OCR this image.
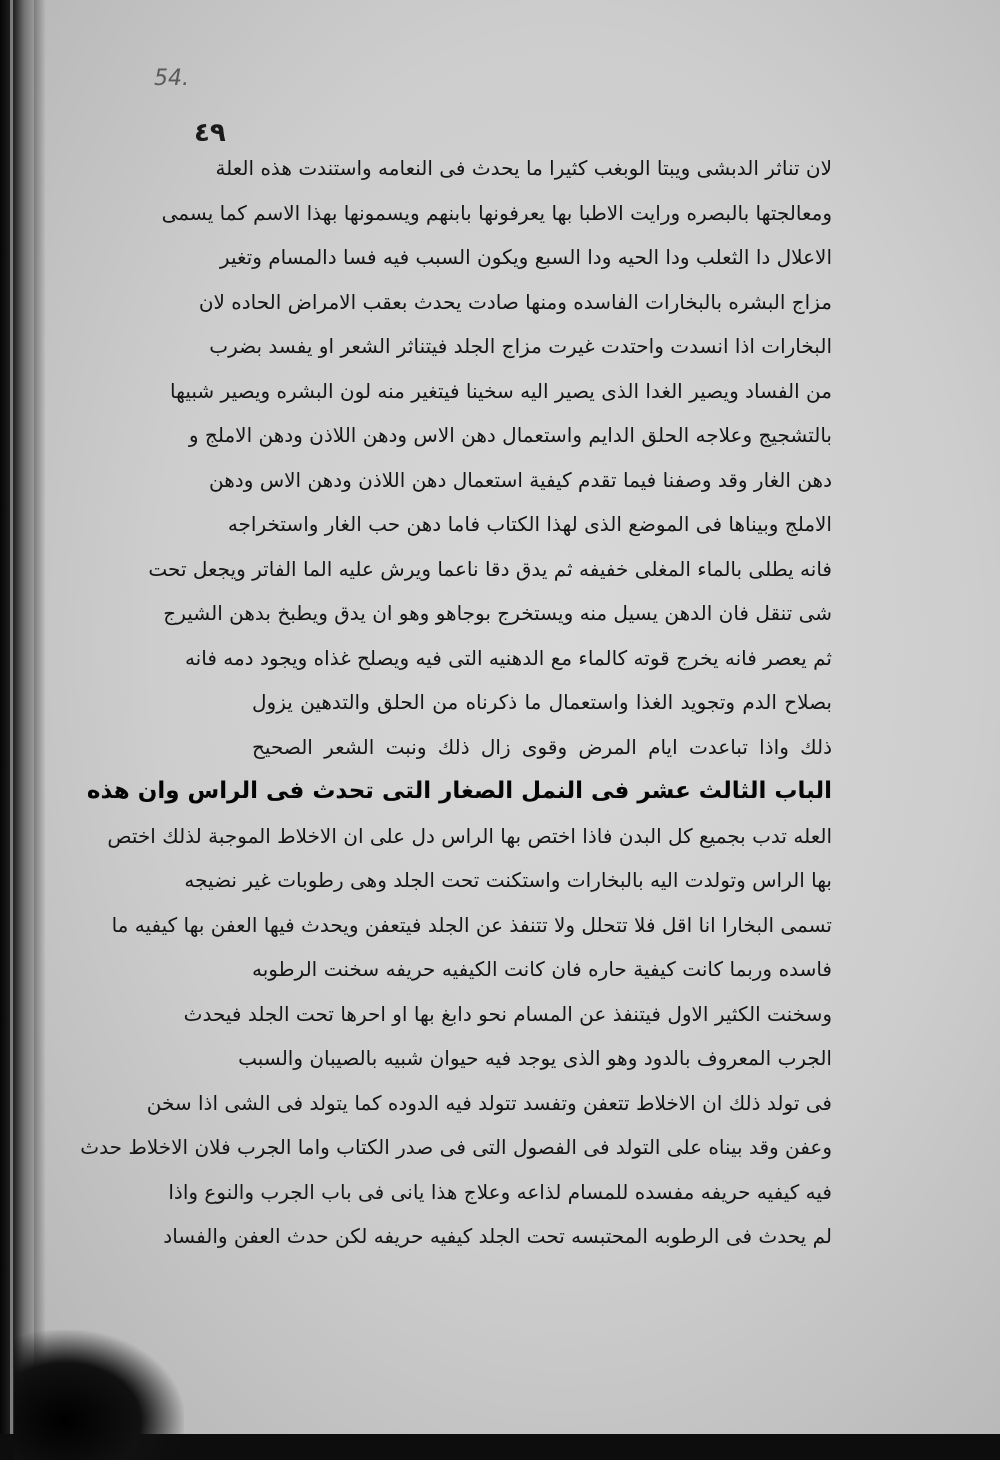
54.
٤٩
لان تناثر الدبشى ويبتا الوبغب كثيرا ما يحدث فى النعامه واستندت هذه العلة
ومعالجتها بالبصره ورايت الاطبا بها يعرفونها بابنهم ويسمونها بهذا الاسم كما يسمى
الاعلال دا الثعلب ودا الحيه ودا السبع ويكون السبب فيه فسا دالمسام وتغير
مزاج البشره بالبخارات الفاسده ومنها صادت يحدث بعقب الامراض الحاده لان
البخارات اذا انسدت واحتدت غيرت مزاج الجلد فيتناثر الشعر او يفسد بضرب
من الفساد ويصير الغدا الذى يصير اليه سخينا فيتغير منه لون البشره ويصير شبيها
بالتشجيج وعلاجه الحلق الدايم واستعمال دهن الاس ودهن اللاذن ودهن الاملج و
دهن الغار وقد وصفنا فيما تقدم كيفية استعمال دهن اللاذن ودهن الاس ودهن
الاملج وبيناها فى الموضع الذى لهذا الكتاب فاما دهن حب الغار واستخراجه
فانه يطلى بالماء المغلى خفيفه ثم يدق دقا ناعما ويرش عليه الما الفاتر ويجعل تحت
شى تنقل فان الدهن يسيل منه ويستخرج بوجاهو وهو ان يدق ويطبخ بدهن الشيرج
ثم يعصر فانه يخرج قوته كالماء مع الدهنيه التى فيه ويصلح غذاه ويجود دمه فانه
بصلاح الدم وتجويد الغذا واستعمال ما ذكرناه من الحلق والتدهين يزول
ذلك واذا تباعدت ايام المرض وقوى زال ذلك ونبت الشعر الصحيح
الباب الثالث عشر فى النمل الصغار التى تحدث فى الراس وان هذه
العله تدب بجميع كل البدن فاذا اختص بها الراس دل على ان الاخلاط الموجبة لذلك اختص
بها الراس وتولدت اليه بالبخارات واستكنت تحت الجلد وهى رطوبات غير نضيجه
تسمى البخارا انا اقل فلا تتحلل ولا تتنفذ عن الجلد فيتعفن ويحدث فيها العفن بها كيفيه ما
فاسده وربما كانت كيفية حاره فان كانت الكيفيه حريفه سخنت الرطوبه
وسخنت الكثير الاول فيتنفذ عن المسام نحو دابغ بها او احرها تحت الجلد فيحدث
الجرب المعروف بالدود وهو الذى يوجد فيه حيوان شبيه بالصيبان والسبب
فى تولد ذلك ان الاخلاط تتعفن وتفسد تتولد فيه الدوده كما يتولد فى الشى اذا سخن
وعفن وقد بيناه على التولد فى الفصول التى فى صدر الكتاب واما الجرب فلان الاخلاط حدث
فيه كيفيه حريفه مفسده للمسام لذاعه وعلاج هذا يانى فى باب الجرب والنوع واذا
لم يحدث فى الرطوبه المحتبسه تحت الجلد كيفيه حريفه لكن حدث العفن والفساد
